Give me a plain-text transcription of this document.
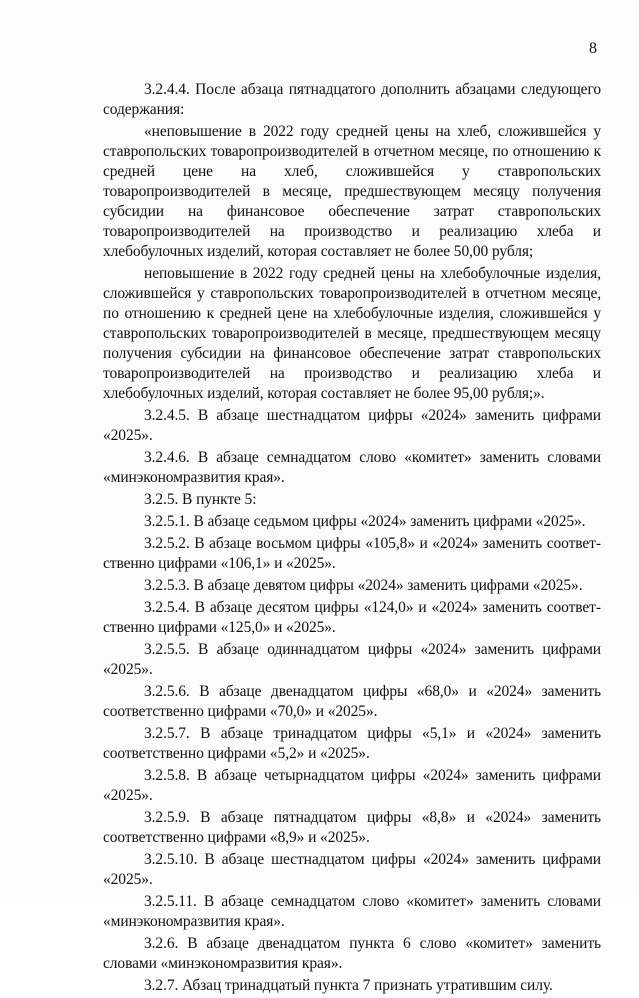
8

3.2.4.4. После абзаца пятнадцатого дополнить абзацами следующего содержания:

«неповышение в 2022 году средней цены на хлеб, сложившейся у ставропольских товаропроизводителей в отчетном месяце, по отношению к средней цене на хлеб, сложившейся у ставропольских товаропроизводителей в месяце, предшествующем месяцу получения субсидии на финансовое обеспечение затрат ставропольских товаропроизводителей на производство и реализацию хлеба и хлебобулочных изделий, которая составляет не более 50,00 рубля;

неповышение в 2022 году средней цены на хлебобулочные изделия, сложившейся у ставропольских товаропроизводителей в отчетном месяце, по отношению к средней цене на хлебобулочные изделия, сложившейся у ставропольских товаропроизводителей в месяце, предшествующем месяцу получения субсидии на финансовое обеспечение затрат ставропольских товаропроизводителей на производство и реализацию хлеба и хлебобулочных изделий, которая составляет не более 95,00 рубля;».

3.2.4.5. В абзаце шестнадцатом цифры «2024» заменить цифрами «2025».

3.2.4.6. В абзаце семнадцатом слово «комитет» заменить словами «минэкономразвития края».

3.2.5. В пункте 5:

3.2.5.1. В абзаце седьмом цифры «2024» заменить цифрами «2025».

3.2.5.2. В абзаце восьмом цифры «105,8» и «2024» заменить соответственно цифрами «106,1» и «2025».

3.2.5.3. В абзаце девятом цифры «2024» заменить цифрами «2025».

3.2.5.4. В абзаце десятом цифры «124,0» и «2024» заменить соответственно цифрами «125,0» и «2025».

3.2.5.5. В абзаце одиннадцатом цифры «2024» заменить цифрами «2025».

3.2.5.6. В абзаце двенадцатом цифры «68,0» и «2024» заменить соответственно цифрами «70,0» и «2025».

3.2.5.7. В абзаце тринадцатом цифры «5,1» и «2024» заменить соответственно цифрами «5,2» и «2025».

3.2.5.8. В абзаце четырнадцатом цифры «2024» заменить цифрами «2025».

3.2.5.9. В абзаце пятнадцатом цифры «8,8» и «2024» заменить соответственно цифрами «8,9» и «2025».

3.2.5.10. В абзаце шестнадцатом цифры «2024» заменить цифрами «2025».

3.2.5.11. В абзаце семнадцатом слово «комитет» заменить словами «минэкономразвития края».

3.2.6. В абзаце двенадцатом пункта 6 слово «комитет» заменить словами «минэкономразвития края».

3.2.7. Абзац тринадцатый пункта 7 признать утратившим силу.
